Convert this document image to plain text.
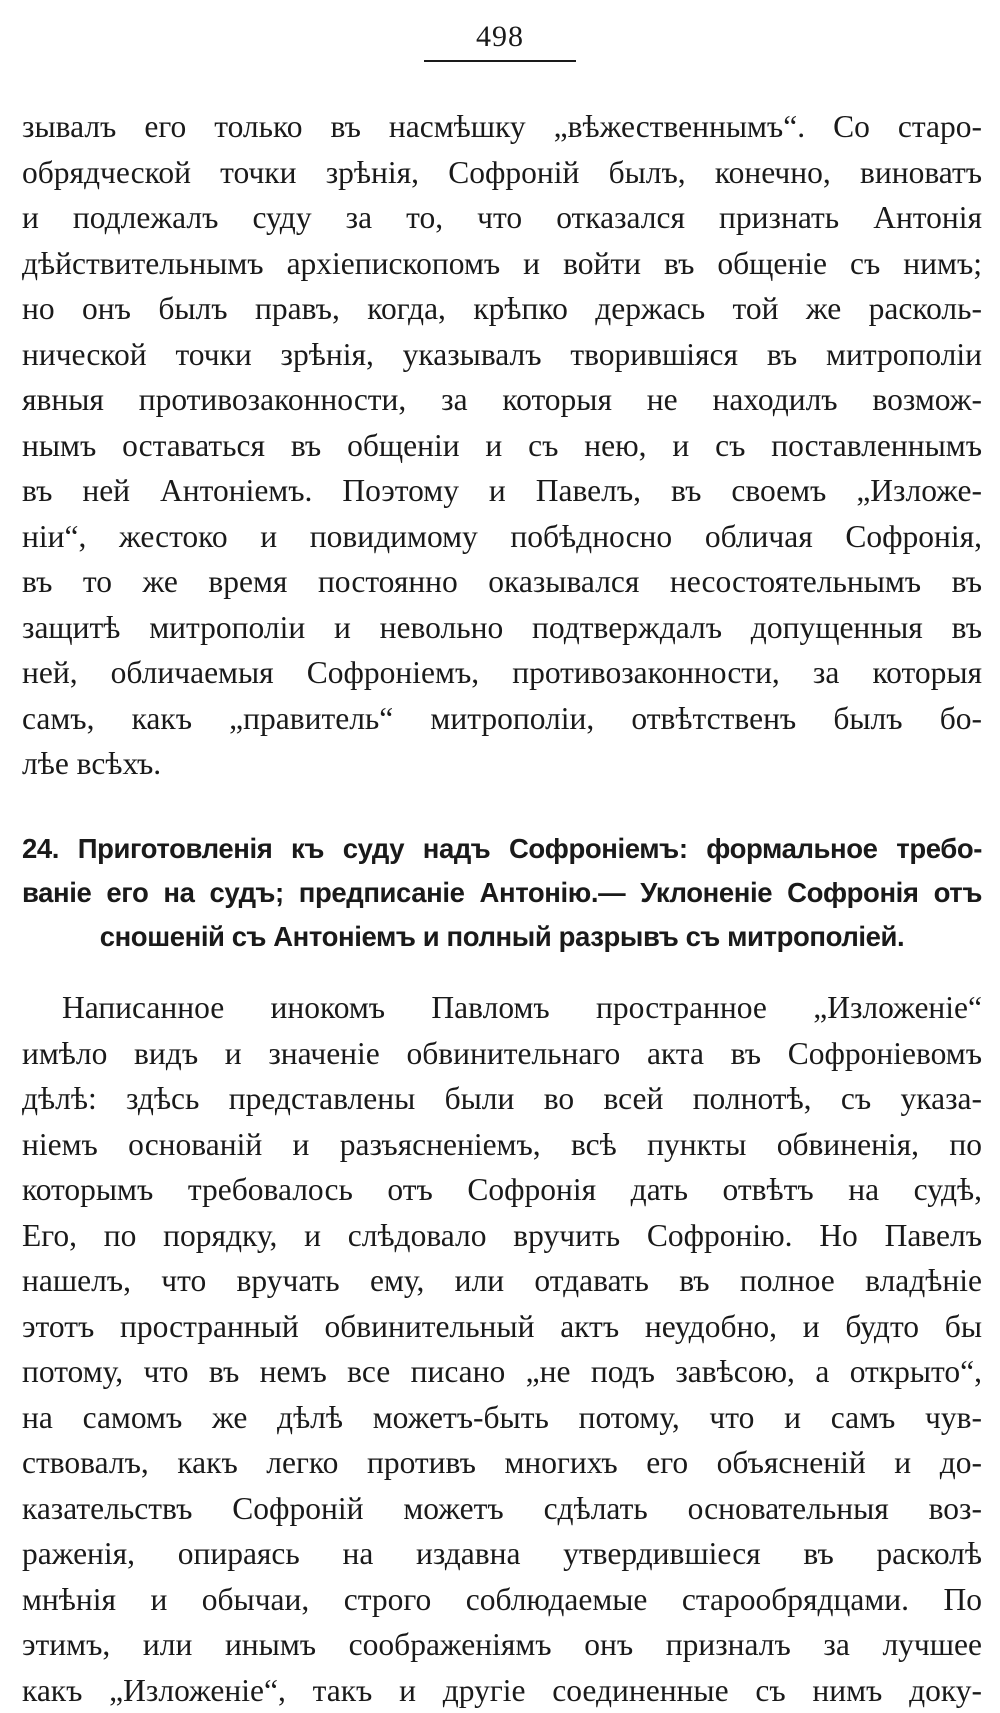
498
зывалъ его только въ насмѣшку „вѣжественнымъ“. Со старо-
обрядческой точки зрѣнія, Софроній былъ, конечно, виноватъ
и подлежалъ суду за то, что отказался признать Антонія
дѣйствительнымъ архіепископомъ и войти въ общеніе съ нимъ;
но онъ былъ правъ, когда, крѣпко держась той же расколь-
нической точки зрѣнія, указывалъ творившіяся въ митрополіи
явныя противозаконности, за которыя не находилъ возмож-
нымъ оставаться въ общеніи и съ нею, и съ поставленнымъ
въ ней Антоніемъ. Поэтому и Павелъ, въ своемъ „Изложе-
ніи“, жестоко и повидимому побѣдносно обличая Софронія,
въ то же время постоянно оказывался несостоятельнымъ въ
защитѣ митрополіи и невольно подтверждалъ допущенныя въ
ней, обличаемыя Софроніемъ, противозаконности, за которыя
самъ, какъ „правитель“ митрополіи, отвѣтственъ былъ бо-
лѣе всѣхъ.
24. Приготовленія къ суду надъ Софроніемъ: формальное требо-
ваніе его на судъ; предписаніе Антонію.— Уклоненіе Софронія отъ
сношеній съ Антоніемъ и полный разрывъ съ митрополіей.
Написанное инокомъ Павломъ пространное „Изложеніе“
имѣло видъ и значеніе обвинительнаго акта въ Софроніевомъ
дѣлѣ: здѣсь представлены были во всей полнотѣ, съ указа-
ніемъ основаній и разъясненіемъ, всѣ пункты обвиненія, по
которымъ требовалось отъ Софронія дать отвѣтъ на судѣ,
Его, по порядку, и слѣдовало вручить Софронію. Но Павелъ
нашелъ, что вручать ему, или отдавать въ полное владѣніе
этотъ пространный обвинительный актъ неудобно, и будто бы
потому, что въ немъ все писано „не подъ завѣсою, а открыто“,
на самомъ же дѣлѣ можетъ-быть потому, что и самъ чув-
ствовалъ, какъ легко противъ многихъ его объясненій и до-
казательствъ Софроній можетъ сдѣлать основательныя воз-
раженія, опираясь на издавна утвердившіеся въ расколѣ
мнѣнія и обычаи, строго соблюдаемые старообрядцами. По
этимъ, или инымъ соображеніямъ онъ призналъ за лучшее
какъ „Изложеніе“, такъ и другіе соединенные съ нимъ доку-
